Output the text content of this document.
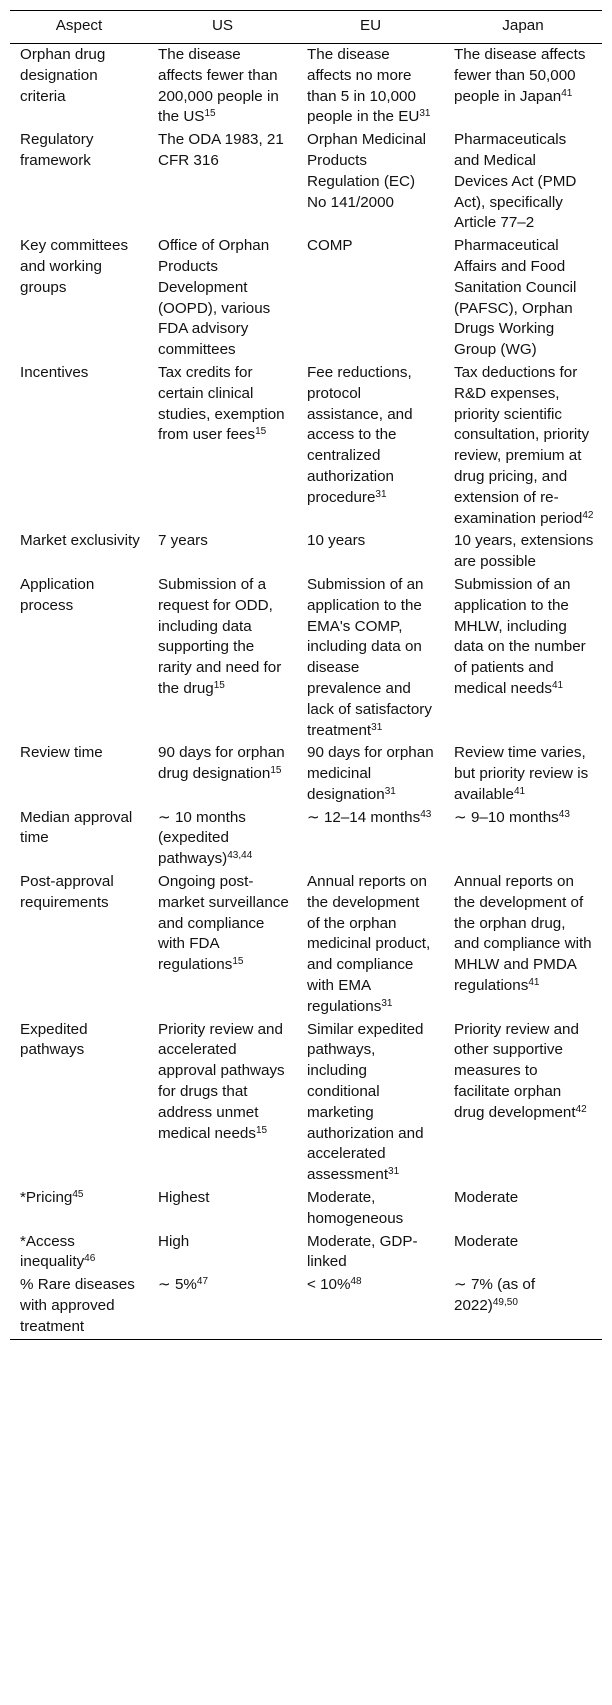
Aspect	US	EU	Japan
Orphan drug designation criteria	The disease affects fewer than 200,000 people in the US$^{15}$	The disease affects no more than 5 in 10,000 people in the EU$^{31}$	The disease affects fewer than 50,000 people in Japan$^{41}$
Regulatory framework	The ODA 1983, 21 CFR 316	Orphan Medicinal Products Regulation (EC) No 141/2000	Pharmaceuticals and Medical Devices Act (PMD Act), specifically Article 77–2
Key committees and working groups	Office of Orphan Products Development (OOPD), various FDA advisory committees	COMP	Pharmaceutical Affairs and Food Sanitation Council (PAFSC), Orphan Drugs Working Group (WG)
Incentives	Tax credits for certain clinical studies, exemption from user fees$^{15}$	Fee reductions, protocol assistance, and access to the centralized authorization procedure$^{31}$	Tax deductions for R&D expenses, priority scientific consultation, priority review, premium at drug pricing, and extension of re-examination period$^{42}$
Market exclusivity	7 years	10 years	10 years, extensions are possible
Application process	Submission of a request for ODD, including data supporting the rarity and need for the drug$^{15}$	Submission of an application to the EMA's COMP, including data on disease prevalence and lack of satisfactory treatment$^{31}$	Submission of an application to the MHLW, including data on the number of patients and medical needs$^{41}$
Review time	90 days for orphan drug designation$^{15}$	90 days for orphan medicinal designation$^{31}$	Review time varies, but priority review is available$^{41}$
Median approval time	∼ 10 months (expedited pathways)$^{43,44}$	∼ 12–14 months$^{43}$	∼ 9–10 months$^{43}$
Post-approval requirements	Ongoing post-market surveillance and compliance with FDA regulations$^{15}$	Annual reports on the development of the orphan medicinal product, and compliance with EMA regulations$^{31}$	Annual reports on the development of the orphan drug, and compliance with MHLW and PMDA regulations$^{41}$
Expedited pathways	Priority review and accelerated approval pathways for drugs that address unmet medical needs$^{15}$	Similar expedited pathways, including conditional marketing authorization and accelerated assessment$^{31}$	Priority review and other supportive measures to facilitate orphan drug development$^{42}$
*Pricing$^{45}$	Highest	Moderate, homogeneous	Moderate
*Access inequality$^{46}$	High	Moderate, GDP-linked	Moderate
% Rare diseases with approved treatment	∼ 5%$^{47}$	< 10%$^{48}$	∼ 7% (as of 2022)$^{49,50}$
